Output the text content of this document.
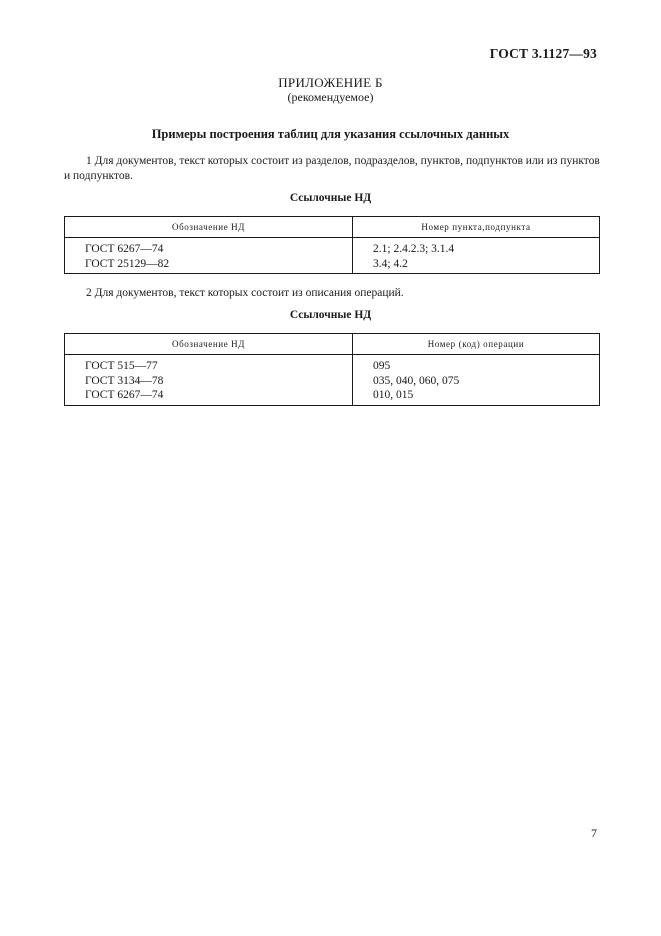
ГОСТ 3.1127—93
ПРИЛОЖЕНИЕ Б
(рекомендуемое)
Примеры построения таблиц для указания ссылочных данных
1 Для документов, текст которых состоит из разделов, подразделов, пунктов, подпунктов или из пунктов и подпунктов.
Ссылочные НД
Обозначение НД	Номер пункта,подпункта
ГОСТ 6267—74	2.1; 2.4.2.3; 3.1.4
ГОСТ 25129—82	3.4; 4.2
2 Для документов, текст которых состоит из описания операций.
Ссылочные НД
Обозначение НД	Номер (код) операции
ГОСТ 515—77	095
ГОСТ 3134—78	035, 040, 060, 075
ГОСТ 6267—74	010, 015
7
